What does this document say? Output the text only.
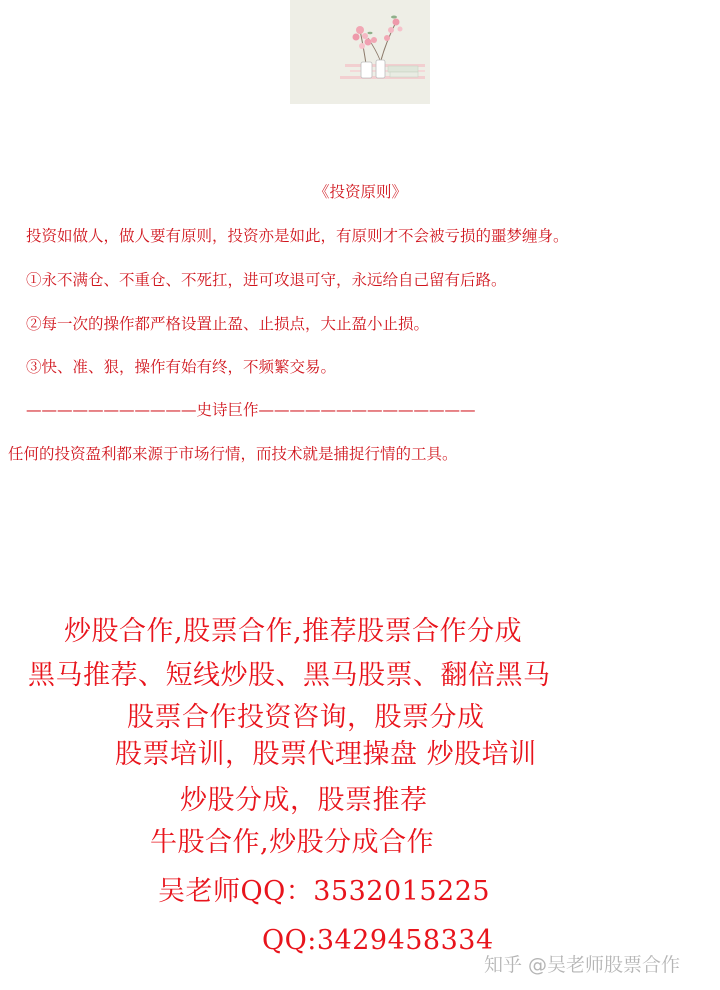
《投资原则》
投资如做人，做人要有原则，投资亦是如此，有原则才不会被亏损的噩梦缠身。
①永不满仓、不重仓、不死扛，进可攻退可守，永远给自己留有后路。
②每一次的操作都严格设置止盈、止损点，大止盈小止损。
③快、准、狠，操作有始有终，不频繁交易。
———————————史诗巨作——————————————
任何的投资盈利都来源于市场行情，而技术就是捕捉行情的工具。
炒股合作,股票合作,推荐股票合作分成
黑马推荐、短线炒股、黑马股票、翻倍黑马
股票合作投资咨询，股票分成
股票培训，股票代理操盘 炒股培训
炒股分成，股票推荐
牛股合作,炒股分成合作
吴老师QQ：3532015225
QQ:3429458334
知乎 @吴老师股票合作
